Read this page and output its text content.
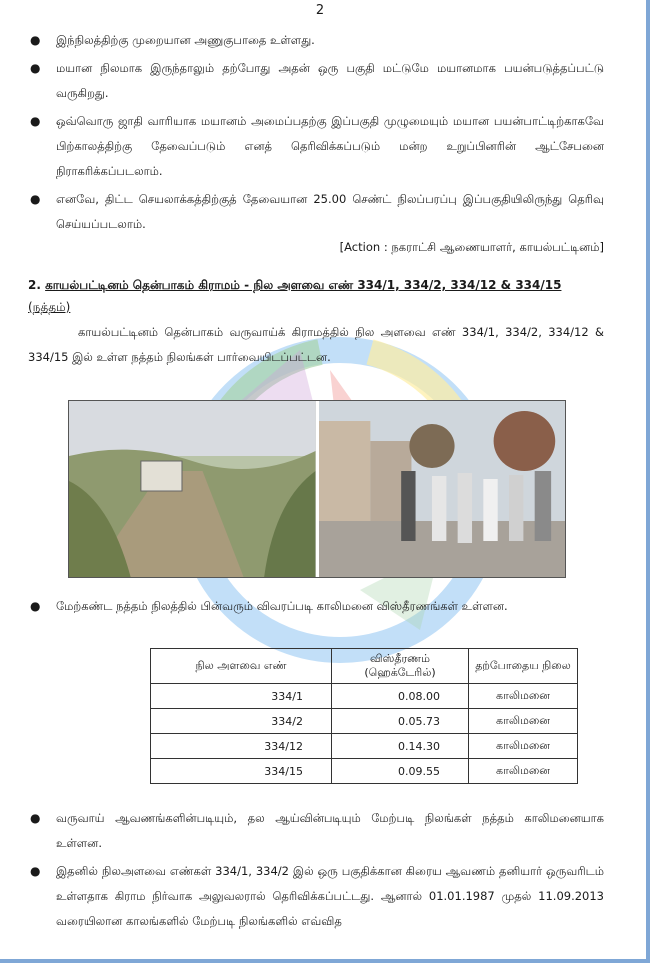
2
●	இந்நிலத்திற்கு முறையான அணுகுபாதை உள்ளது.
●	மயான நிலமாக இருந்தாலும் தற்போது அதன் ஒரு பகுதி மட்டுமே மயானமாக பயன்படுத்தப்பட்டு வருகிறது.
●	ஒவ்வொரு ஜாதி வாரியாக மயானம் அமைப்பதற்கு இப்பகுதி முழுமையும் மயான பயன்பாட்டிற்காகவே பிற்காலத்திற்கு தேவைப்படும் எனத் தெரிவிக்கப்படும் மன்ற உறுப்பினரின் ஆட்சேபனை நிராகரிக்கப்படலாம்.
●	எனவே, திட்ட செயலாக்கத்திற்குத் தேவையான 25.00 செண்ட் நிலப்பரப்பு இப்பகுதியிலிருந்து தெரிவு செய்யப்படலாம்.
[Action : நகராட்சி ஆணையாளர், காயல்பட்டினம்]
2. காயல்பட்டினம் தென்பாகம் கிராமம் - நில அளவை எண் 334/1, 334/2, 334/12 & 334/15 (நத்தம்)
காயல்பட்டினம் தென்பாகம் வருவாய்க் கிராமத்தில் நில அளவை எண் 334/1, 334/2, 334/12 & 334/15 இல் உள்ள நத்தம் நிலங்கள் பார்வையிடப்பட்டன.
●	மேற்கண்ட நத்தம் நிலத்தில் பின்வரும் விவரப்படி காலிமனை விஸ்தீரணங்கள் உள்ளன.
நில அளவை எண்	விஸ்தீரணம் (ஹெக்டேரில்)	தற்போதைய நிலை
334/1	0.08.00	காலிமனை
334/2	0.05.73	காலிமனை
334/12	0.14.30	காலிமனை
334/15	0.09.55	காலிமனை
●	வருவாய் ஆவணங்களின்படியும், தல ஆய்வின்படியும் மேற்படி நிலங்கள் நத்தம் காலிமனையாக உள்ளன.
●	இதனில் நிலஅளவை எண்கள் 334/1, 334/2 இல் ஒரு பகுதிக்கான கிரைய ஆவணம் தனியார் ஒருவரிடம் உள்ளதாக கிராம நிர்வாக அலுவலரால் தெரிவிக்கப்பட்டது. ஆனால் 01.01.1987 முதல் 11.09.2013 வரையிலான காலங்களில் மேற்படி நிலங்களில் எவ்வித
